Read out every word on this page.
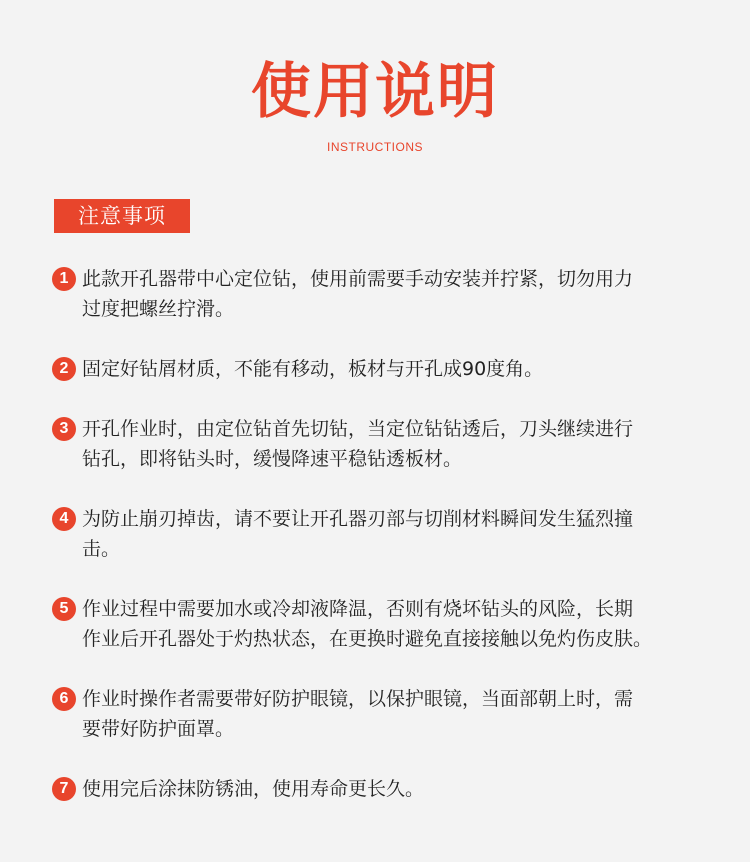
使用说明
INSTRUCTIONS
注意事项
1 此款开孔器带中心定位钻，使用前需要手动安装并拧紧，切勿用力
过度把螺丝拧滑。
2 固定好钻屑材质，不能有移动，板材与开孔成90度角。
3 开孔作业时，由定位钻首先切钻，当定位钻钻透后，刀头继续进行
钻孔，即将钻头时，缓慢降速平稳钻透板材。
4 为防止崩刃掉齿，请不要让开孔器刃部与切削材料瞬间发生猛烈撞
击。
5 作业过程中需要加水或冷却液降温，否则有烧坏钻头的风险，长期
作业后开孔器处于灼热状态，在更换时避免直接接触以免灼伤皮肤。
6 作业时操作者需要带好防护眼镜，以保护眼镜，当面部朝上时，需
要带好防护面罩。
7 使用完后涂抹防锈油，使用寿命更长久。
